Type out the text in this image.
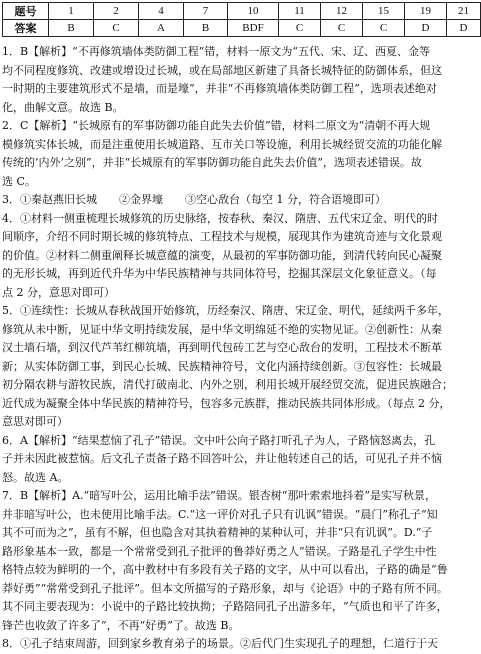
题号	1	2	4	7	10	11	12	15	19	21
答案	B	C	A	B	BDF	C	C	C	D	D

1．B【解析】“不再修筑墙体类防御工程”错，材料一原文为“五代、宋、辽、西夏、金等

均不同程度修筑、改建或增设过长城，或在局部地区新建了具备长城特征的防御体系，但这

一时期的主要建筑形式不是墙，而是壕”，并非“不再修筑墙体类防御工程”，选项表述绝对

化，曲解文意。故选 B。

2．C【解析】“长城原有的军事防御功能自此失去价值”错，材料二原文为“清朝不再大规

模修筑实体长城，而是注重使用长城道路、互市关口等设施，利用长城经贸交流的功能化解

传统的‘内外’之别”，并非“长城原有的军事防御功能自此失去价值”，选项表述错误。故

选 C。

3．①秦赵燕旧长城　　②金界壕　　③空心敌台（每空 1 分，符合语境即可）

4．①材料一侧重梳理长城修筑的历史脉络，按春秋、秦汉、隋唐、五代宋辽金、明代的时

间顺序，介绍不同时期长城的修筑特点、工程技术与规模，展现其作为建筑奇迹与文化景观

的价值。②材料二侧重阐释长城意蕴的演变，从最初的军事防御功能，到清代转向民心凝聚

的无形长城，再到近代升华为中华民族精神与共同体符号，挖掘其深层文化象征意义。（每

点 2 分，意思对即可）

5．①连续性：长城从春秋战国开始修筑，历经秦汉、隋唐、宋辽金、明代，延续两千多年，

修筑从未中断，见证中华文明持续发展，是中华文明绵延不绝的实物见证。②创新性：从秦

汉土墙石墙，到汉代芦苇红柳筑墙，再到明代包砖工艺与空心敌台的发明，工程技术不断革

新；从实体防御工事，到民心长城、民族精神符号，文化内涵持续创新。③包容性：长城最

初分隔农耕与游牧民族，清代打破南北、内外之别，利用长城开展经贸交流，促进民族融合；

近代成为凝聚全体中华民族的精神符号，包容多元族群，推动民族共同体形成。（每点 2 分，

意思对即可）

6．A【解析】“结果惹恼了孔子”错误。文中叶公向子路打听孔子为人，子路恼怒离去，孔

子并未因此被惹恼。后文孔子责备子路不回答叶公，并让他转述自己的话，可见孔子并不恼

怒。故选 A。

7．B【解析】A.“暗写叶公，运用比喻手法”错误。银杏树“那叶索索地抖着”是实写秋景，

并非暗写叶公，也未使用比喻手法。C.“这一评价对孔子只有讥讽”错误。“晨门”称孔子“知

其不可而为之”，虽有不解，但也隐含对其执着精神的某种认可，并非“只有讥讽”。D.“子

路形象基本一致，都是一个常常受到孔子批评的鲁莽好勇之人”错误。子路是孔子学生中性

格特点较为鲜明的一个，高中教材中有多段有关子路的文字，从中可以看出，子路的确是“鲁

莽好勇”“常常受到孔子批评”。但本文所描写的子路形象，却与《论语》中的子路有所不同。

其不同主要表现为：小说中的子路比较执拗；子路陪同孔子出游多年，“气质也和平了许多，

锋芒也收敛了许多了”，不再“好勇”了。故选 B。

8．①孔子结束周游，回到家乡教育弟子的场景。②后代门生实现孔子的理想，仁道行于天
